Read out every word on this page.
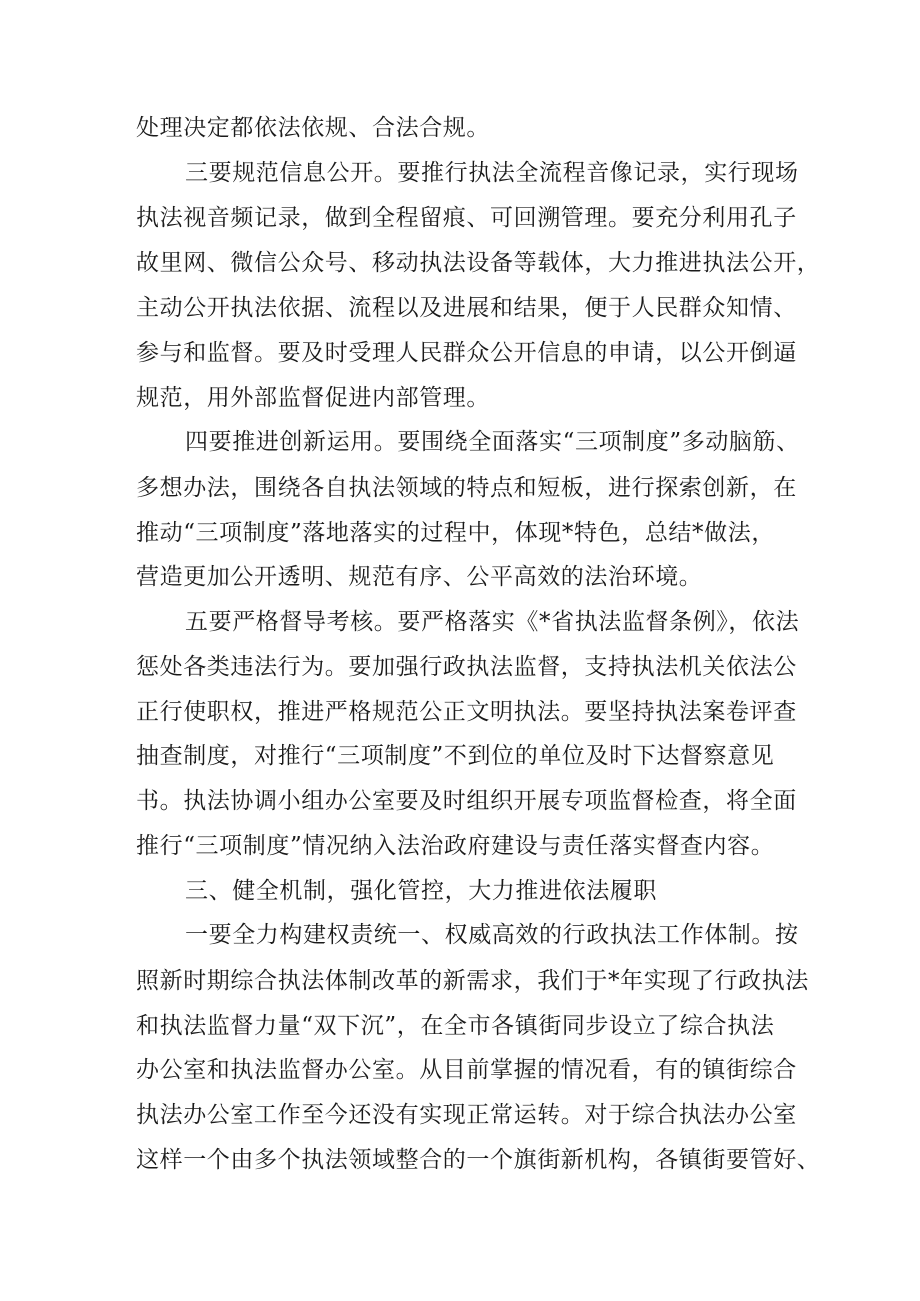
处理决定都依法依规、合法合规。
三要规范信息公开。要推行执法全流程音像记录，实行现场
执法视音频记录，做到全程留痕、可回溯管理。要充分利用孔子
故里网、微信公众号、移动执法设备等载体，大力推进执法公开，
主动公开执法依据、流程以及进展和结果，便于人民群众知情、
参与和监督。要及时受理人民群众公开信息的申请，以公开倒逼
规范，用外部监督促进内部管理。
四要推进创新运用。要围绕全面落实“三项制度”多动脑筋、
多想办法，围绕各自执法领域的特点和短板，进行探索创新，在
推动“三项制度”落地落实的过程中，体现*特色，总结*做法，
营造更加公开透明、规范有序、公平高效的法治环境。
五要严格督导考核。要严格落实《*省执法监督条例》，依法
惩处各类违法行为。要加强行政执法监督，支持执法机关依法公
正行使职权，推进严格规范公正文明执法。要坚持执法案卷评查
抽查制度，对推行“三项制度”不到位的单位及时下达督察意见
书。执法协调小组办公室要及时组织开展专项监督检查，将全面
推行“三项制度”情况纳入法治政府建设与责任落实督查内容。
三、健全机制，强化管控，大力推进依法履职
一要全力构建权责统一、权威高效的行政执法工作体制。按
照新时期综合执法体制改革的新需求，我们于*年实现了行政执法
和执法监督力量“双下沉”，在全市各镇街同步设立了综合执法
办公室和执法监督办公室。从目前掌握的情况看，有的镇街综合
执法办公室工作至今还没有实现正常运转。对于综合执法办公室
这样一个由多个执法领域整合的一个旗街新机构，各镇街要管好、
